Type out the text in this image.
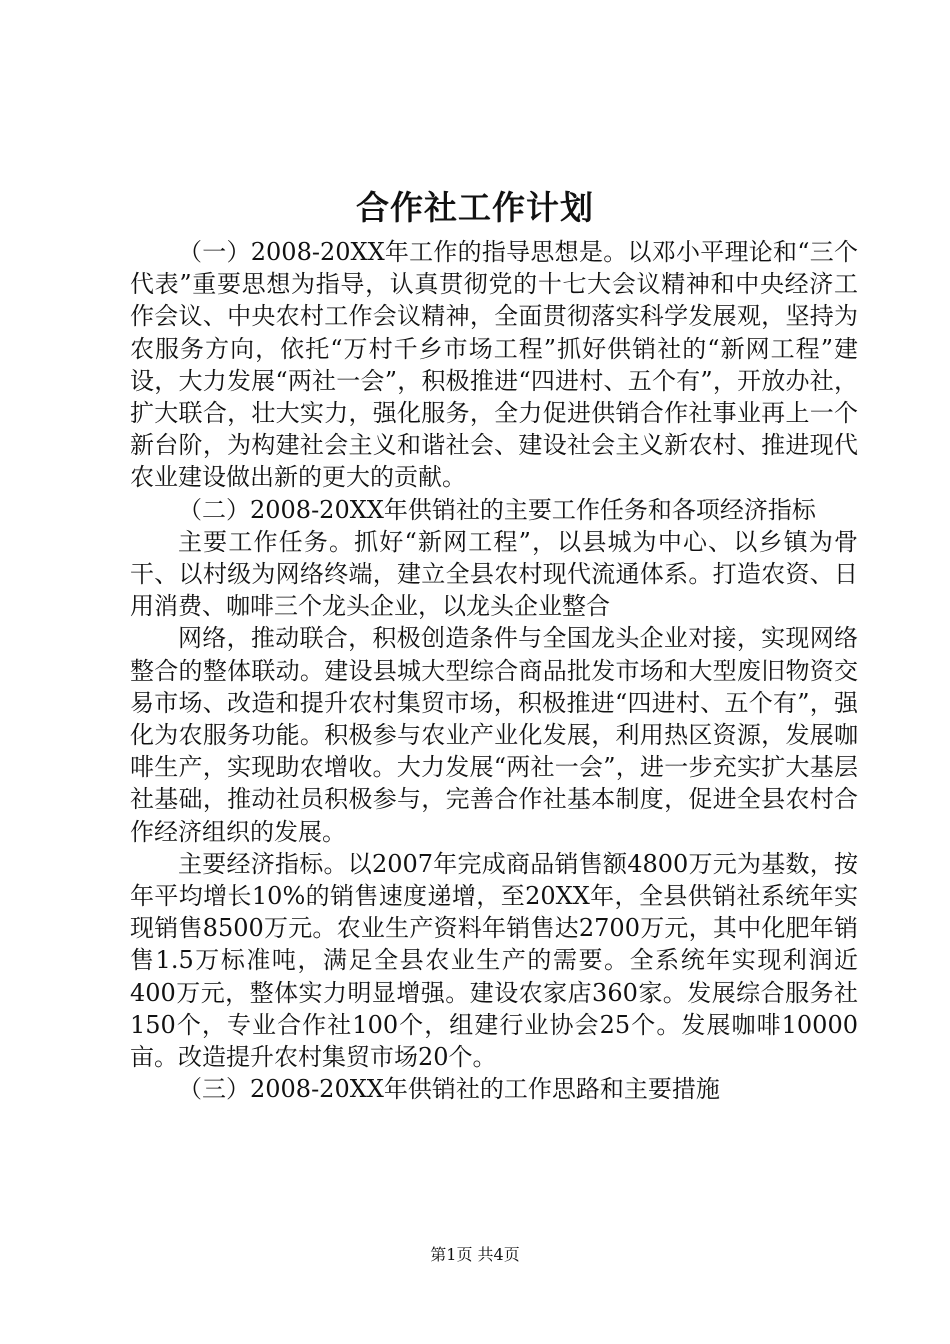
合作社工作计划

（一）2008-20XX年工作的指导思想是。以邓小平理论和“三个代表”重要思想为指导，认真贯彻党的十七大会议精神和中央经济工作会议、中央农村工作会议精神，全面贯彻落实科学发展观，坚持为农服务方向，依托“万村千乡市场工程”抓好供销社的“新网工程”建设，大力发展“两社一会”，积极推进“四进村、五个有”，开放办社，扩大联合，壮大实力，强化服务，全力促进供销合作社事业再上一个新台阶，为构建社会主义和谐社会、建设社会主义新农村、推进现代农业建设做出新的更大的贡献。

（二）2008-20XX年供销社的主要工作任务和各项经济指标

主要工作任务。抓好“新网工程”，以县城为中心、以乡镇为骨干、以村级为网络终端，建立全县农村现代流通体系。打造农资、日用消费、咖啡三个龙头企业，以龙头企业整合

网络，推动联合，积极创造条件与全国龙头企业对接，实现网络整合的整体联动。建设县城大型综合商品批发市场和大型废旧物资交易市场、改造和提升农村集贸市场，积极推进“四进村、五个有”，强化为农服务功能。积极参与农业产业化发展，利用热区资源，发展咖啡生产，实现助农增收。大力发展“两社一会”，进一步充实扩大基层社基础，推动社员积极参与，完善合作社基本制度，促进全县农村合作经济组织的发展。

主要经济指标。以2007年完成商品销售额4800万元为基数，按年平均增长10%的销售速度递增，至20XX年，全县供销社系统年实现销售8500万元。农业生产资料年销售达2700万元，其中化肥年销售1.5万标准吨，满足全县农业生产的需要。全系统年实现利润近400万元，整体实力明显增强。建设农家店360家。发展综合服务社150个，专业合作社100个，组建行业协会25个。发展咖啡10000亩。改造提升农村集贸市场20个。

（三）2008-20XX年供销社的工作思路和主要措施

第1页 共4页
